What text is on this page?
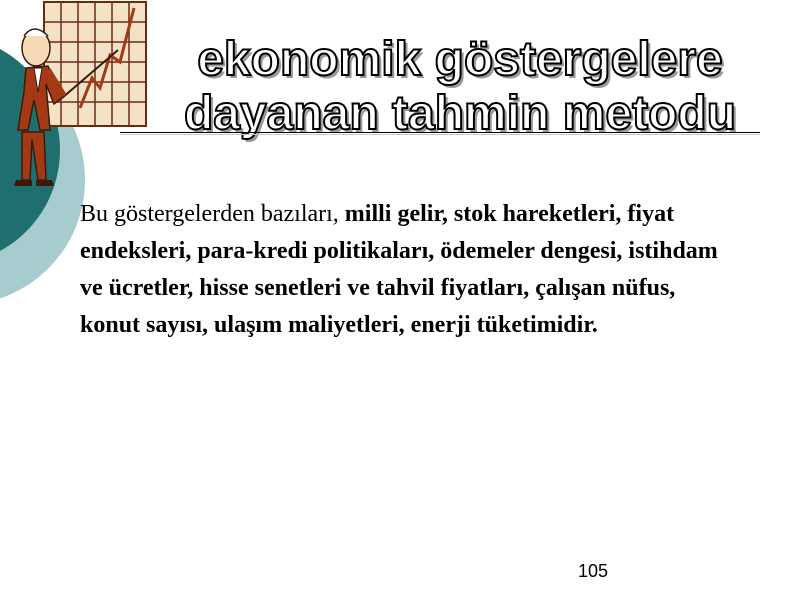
ekonomik göstergelere
dayanan tahmin metodu

Bu göstergelerden bazıları, milli gelir, stok hareketleri, fiyat endeksleri, para-kredi politikaları, ödemeler dengesi, istihdam ve ücretler, hisse senetleri ve tahvil fiyatları, çalışan nüfus, konut sayısı, ulaşım maliyetleri, enerji tüketimidir.

105
